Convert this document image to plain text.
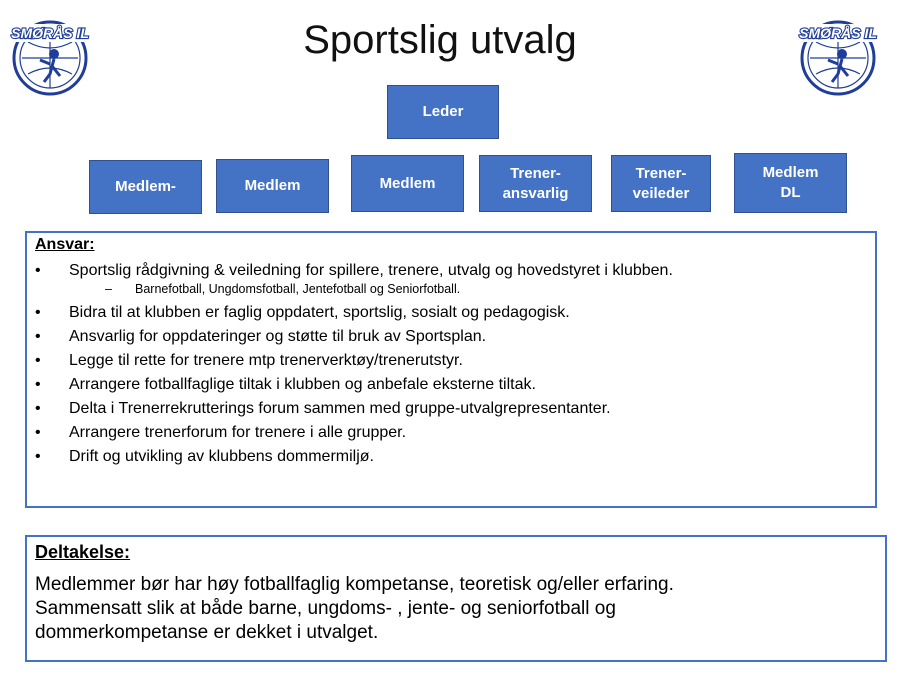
SMØRÅS IL	SMØRÅS IL
Sportslig utvalg
Leder
Medlem-	Medlem	Medlem
Trener-
ansvarlig
Trener-
veileder
Medlem
DL
Ansvar:
• Sportslig rådgivning & veiledning for spillere, trenere, utvalg og hovedstyret i klubben.
– Barnefotball, Ungdomsfotball, Jentefotball og Seniorfotball.
• Bidra til at klubben er faglig oppdatert, sportslig, sosialt og pedagogisk.
• Ansvarlig for oppdateringer og støtte til bruk av Sportsplan.
• Legge til rette for trenere mtp trenerverktøy/trenerutstyr.
• Arrangere fotballfaglige tiltak i klubben og anbefale eksterne tiltak.
• Delta i Trenerrekrutterings forum sammen med gruppe-utvalgrepresentanter.
• Arrangere trenerforum for trenere i alle grupper.
• Drift og utvikling av klubbens dommermiljø.
Deltakelse:
Medlemmer bør har høy fotballfaglig kompetanse, teoretisk og/eller erfaring.
Sammensatt slik at både barne, ungdoms- , jente- og seniorfotball og
dommerkompetanse er dekket i utvalget.
